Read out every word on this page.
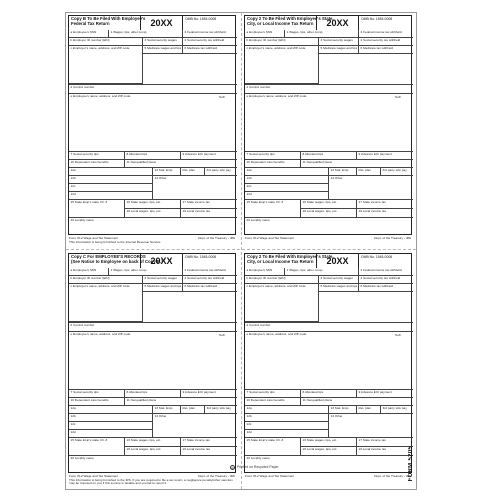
Copy B To Be Filed With Employee's
Federal Tax Return	20XX	OMB No. 1545-0008
a Employee's SSN	1 Wages, tips, other comp.	2 Federal income tax withheld
b Employer ID number (EIN)	3 Social security wages	4 Social security tax withheld
c Employer's name, address, and ZIP code	5 Medicare wages and tips	6 Medicare tax withheld
d Control number
e Employee's name, address, and ZIP code	Suff.
7 Social security tips	8 Allocated tips	9 Advance EIC payment
10 Dependent care benefits	11 Nonqualified plans
12a	13 Stat. Emp.	Ret. plan	3rd party sick pay
12b	14 Other
12c
12d
15 State Emp's state I.D. #	16 State wages, tips, etc.	17 State income tax
18 Local wages, tips, etc.	19 Local income tax
20 Locality name
Form W-2 Wage and Tax Statement	Dept. of the Treasury - IRS
This information is being furnished to the Internal Revenue Service.
Copy 2 To Be Filed With Employee's State,
City, or Local Income Tax Return	20XX	OMB No. 1545-0008
a Employee's SSN	1 Wages, tips, other comp.	2 Federal income tax withheld
b Employer ID number (EIN)	3 Social security wages	4 Social security tax withheld
c Employer's name, address, and ZIP code	5 Medicare wages and tips	6 Medicare tax withheld
d Control number
e Employee's name, address, and ZIP code	Suff.
7 Social security tips	8 Allocated tips	9 Advance EIC payment
10 Dependent care benefits	11 Nonqualified plans
12a	13 Stat. Emp.	Ret. plan	3rd party sick pay
12b	14 Other
12c
12d
15 State Emp's state I.D. #	16 State wages, tips, etc.	17 State income tax
18 Local wages, tips, etc.	19 Local income tax
20 Locality name
Form W-2 Wage and Tax Statement	Dept. of the Treasury - IRS
Copy C For EMPLOYEE'S RECORDS
(See Notice to Employee on back of Copy B.)
20XX	OMB No. 1545-0008
a Employee's SSN	1 Wages, tips, other comp.	2 Federal income tax withheld
b Employer ID number (EIN)	3 Social security wages	4 Social security tax withheld
c Employer's name, address, and ZIP code	5 Medicare wages and tips	6 Medicare tax withheld
d Control number
e Employee's name, address, and ZIP code	Suff.
7 Social security tips	8 Allocated tips	9 Advance EIC payment
10 Dependent care benefits	11 Nonqualified plans
12a	13 Stat. Emp.	Ret. plan	3rd party sick pay
12b	14 Other
12c
12d
15 State Emp's state I.D. #	16 State wages, tips, etc.	17 State income tax
18 Local wages, tips, etc.	19 Local income tax
20 Locality name
Form W-2 Wage and Tax Statement	Dept. of the Treasury - IRS
This information is being furnished to the IRS. If you are required to file a tax return, a negligence penalty/other sanction may be imposed on you if this income is taxable and you fail to report it.
Copy 2 To Be Filed With Employee's State,
City, or Local Income Tax Return	20XX	OMB No. 1545-0008
a Employee's SSN	1 Wages, tips, other comp.	2 Federal income tax withheld
b Employer ID number (EIN)	3 Social security wages	4 Social security tax withheld
c Employer's name, address, and ZIP code	5 Medicare wages and tips	6 Medicare tax withheld
d Control number
e Employee's name, address, and ZIP code	Suff.
7 Social security tips	8 Allocated tips	9 Advance EIC payment
10 Dependent care benefits	11 Nonqualified plans
12a	13 Stat. Emp.	Ret. plan	3rd party sick pay
12b	14 Other
12c
12d
15 State Emp's state I.D. #	16 State wages, tips, etc.	17 State income tax
18 Local wages, tips, etc.	19 Local income tax
20 Locality name
Form W-2 Wage and Tax Statement	Dept. of the Treasury - IRS
FORM 5205
♻ Printed on Recycled Paper
